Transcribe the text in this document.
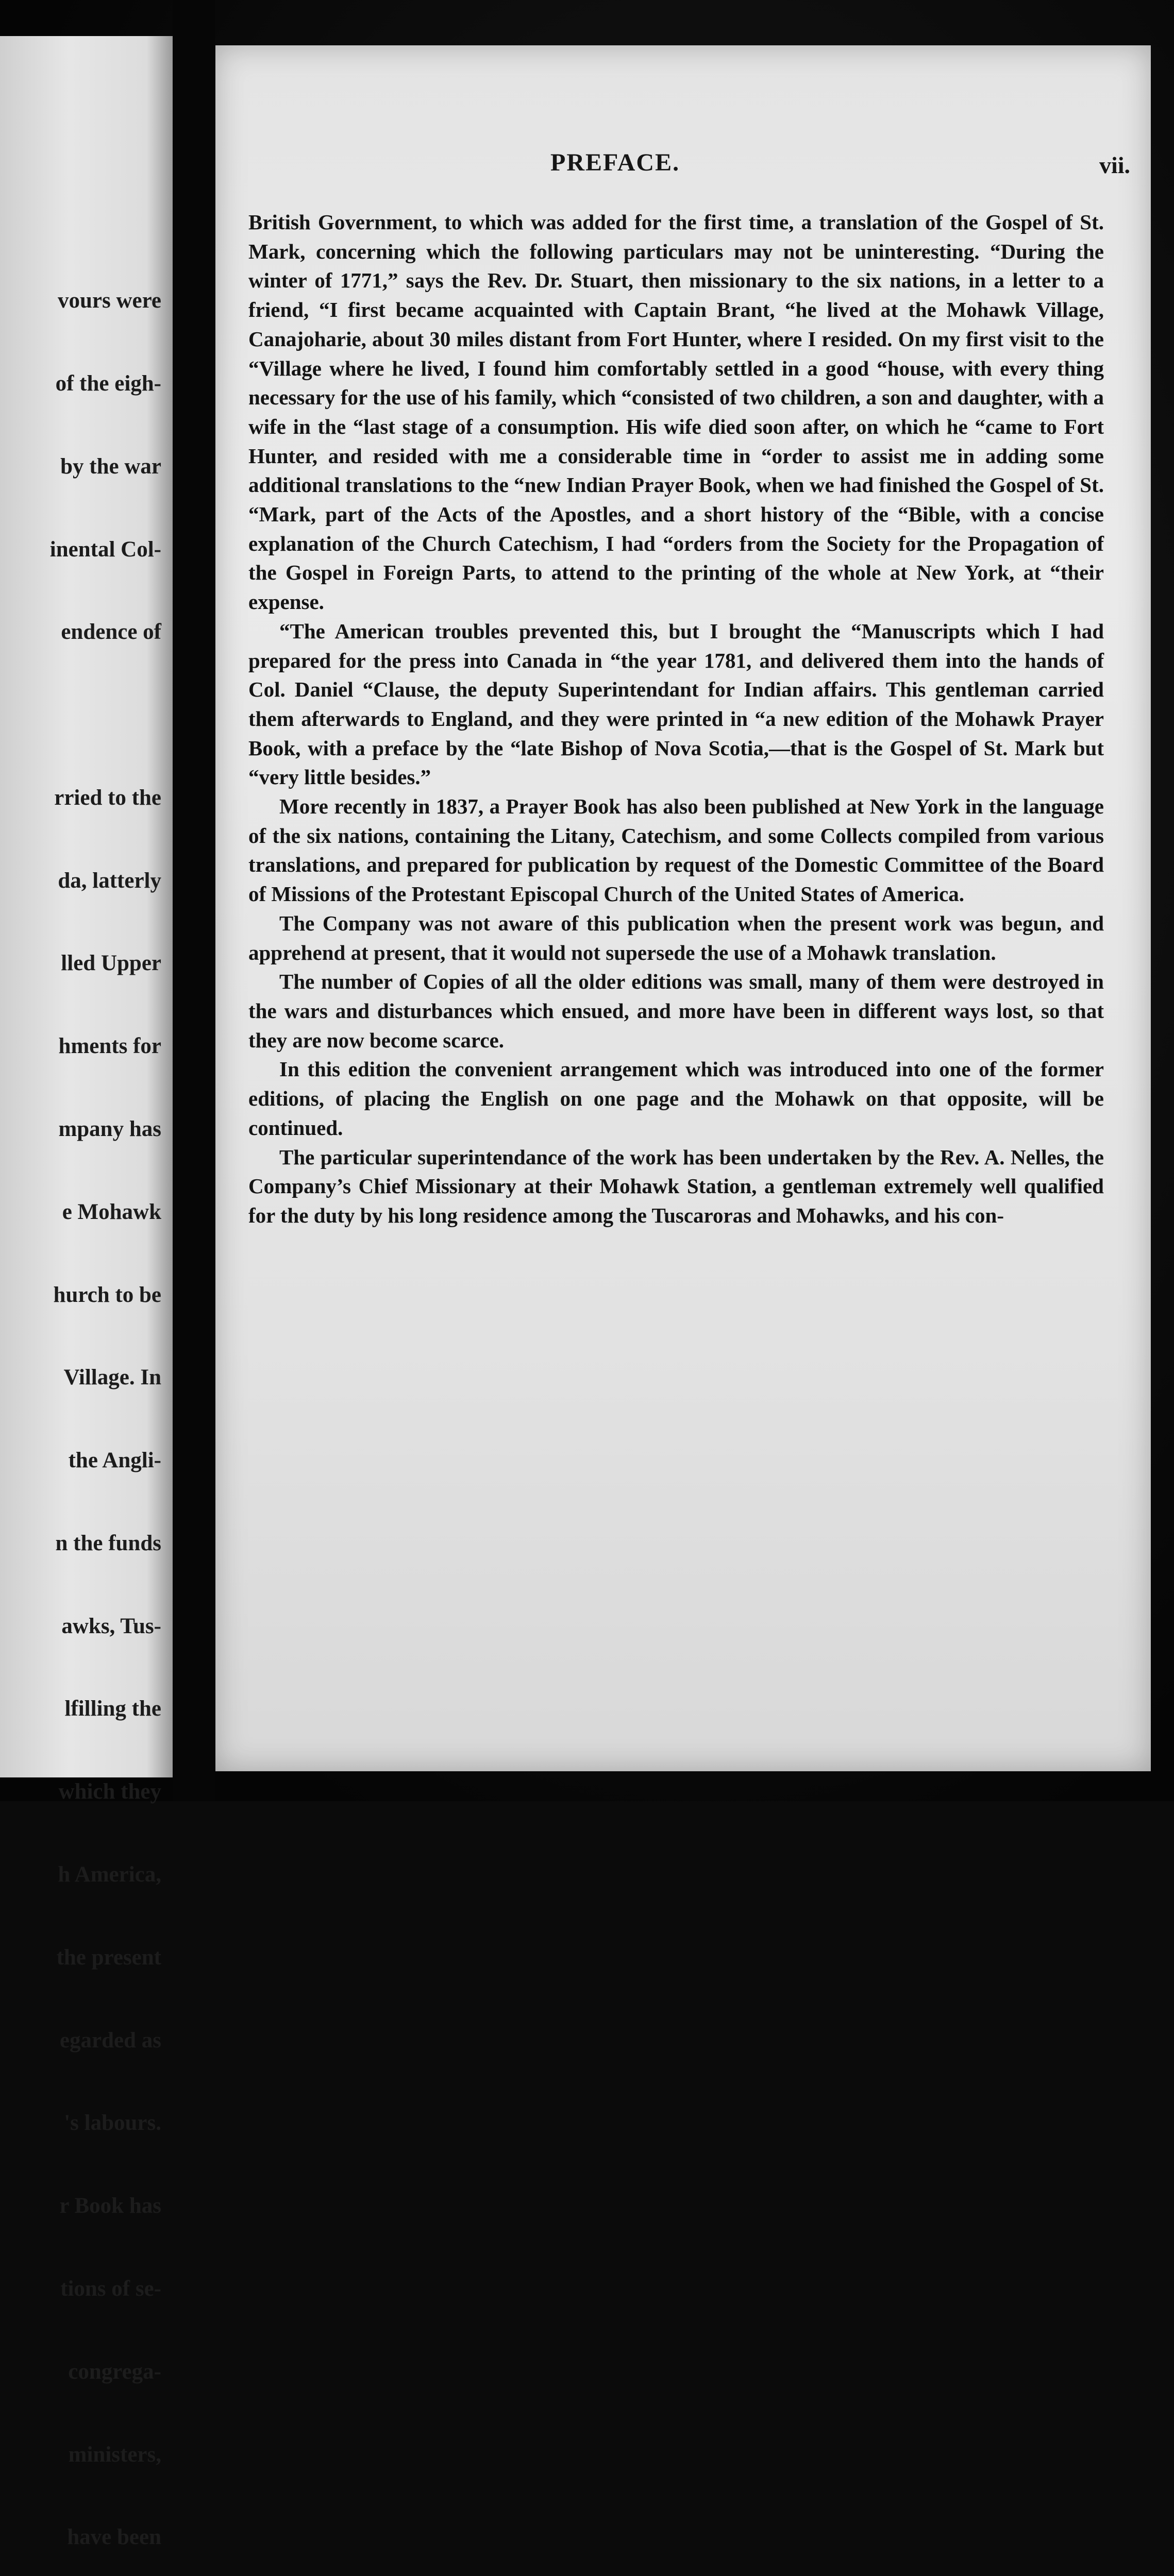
vours were

of the eigh-

by the war

inental Col-

endence of

rried to the

da, latterly

lled Upper

hments for

mpany has

e Mohawk

hurch to be

Village. In

the Angli-

n the funds

awks, Tus-

lfilling the

which they

h America,

the present

egarded as

's labours.

r Book has

tions of se-

congrega-

ministers,

have been

PREFACE.	vii.

British Government, to which was added for the first time, a translation of the Gospel of St. Mark, concerning which the following particulars may not be uninteresting. “During the winter of 1771,” says the Rev. Dr. Stuart, then missionary to the six nations, in a letter to a friend, “I first became acquainted with Captain Brant, “he lived at the Mohawk Village, Canajoharie, about 30 miles distant from Fort Hunter, where I resided. On my first visit to the “Village where he lived, I found him comfortably settled in a good “house, with every thing necessary for the use of his family, which “consisted of two children, a son and daughter, with a wife in the “last stage of a consumption. His wife died soon after, on which he “came to Fort Hunter, and resided with me a considerable time in “order to assist me in adding some additional translations to the “new Indian Prayer Book, when we had finished the Gospel of St. “Mark, part of the Acts of the Apostles, and a short history of the “Bible, with a concise explanation of the Church Catechism, I had “orders from the Society for the Propagation of the Gospel in Foreign Parts, to attend to the printing of the whole at New York, at “their expense.

“The American troubles prevented this, but I brought the “Manuscripts which I had prepared for the press into Canada in “the year 1781, and delivered them into the hands of Col. Daniel “Clause, the deputy Superintendant for Indian affairs. This gentleman carried them afterwards to England, and they were printed in “a new edition of the Mohawk Prayer Book, with a preface by the “late Bishop of Nova Scotia,—that is the Gospel of St. Mark but “very little besides.”

More recently in 1837, a Prayer Book has also been published at New York in the language of the six nations, containing the Litany, Catechism, and some Collects compiled from various translations, and prepared for publication by request of the Domestic Committee of the Board of Missions of the Protestant Episcopal Church of the United States of America.

The Company was not aware of this publication when the present work was begun, and apprehend at present, that it would not supersede the use of a Mohawk translation.

The number of Copies of all the older editions was small, many of them were destroyed in the wars and disturbances which ensued, and more have been in different ways lost, so that they are now become scarce.

In this edition the convenient arrangement which was introduced into one of the former editions, of placing the English on one page and the Mohawk on that opposite, will be continued.

The particular superintendance of the work has been undertaken by the Rev. A. Nelles, the Company’s Chief Missionary at their Mohawk Station, a gentleman extremely well qualified for the duty by his long residence among the Tuscaroras and Mohawks, and his con-
